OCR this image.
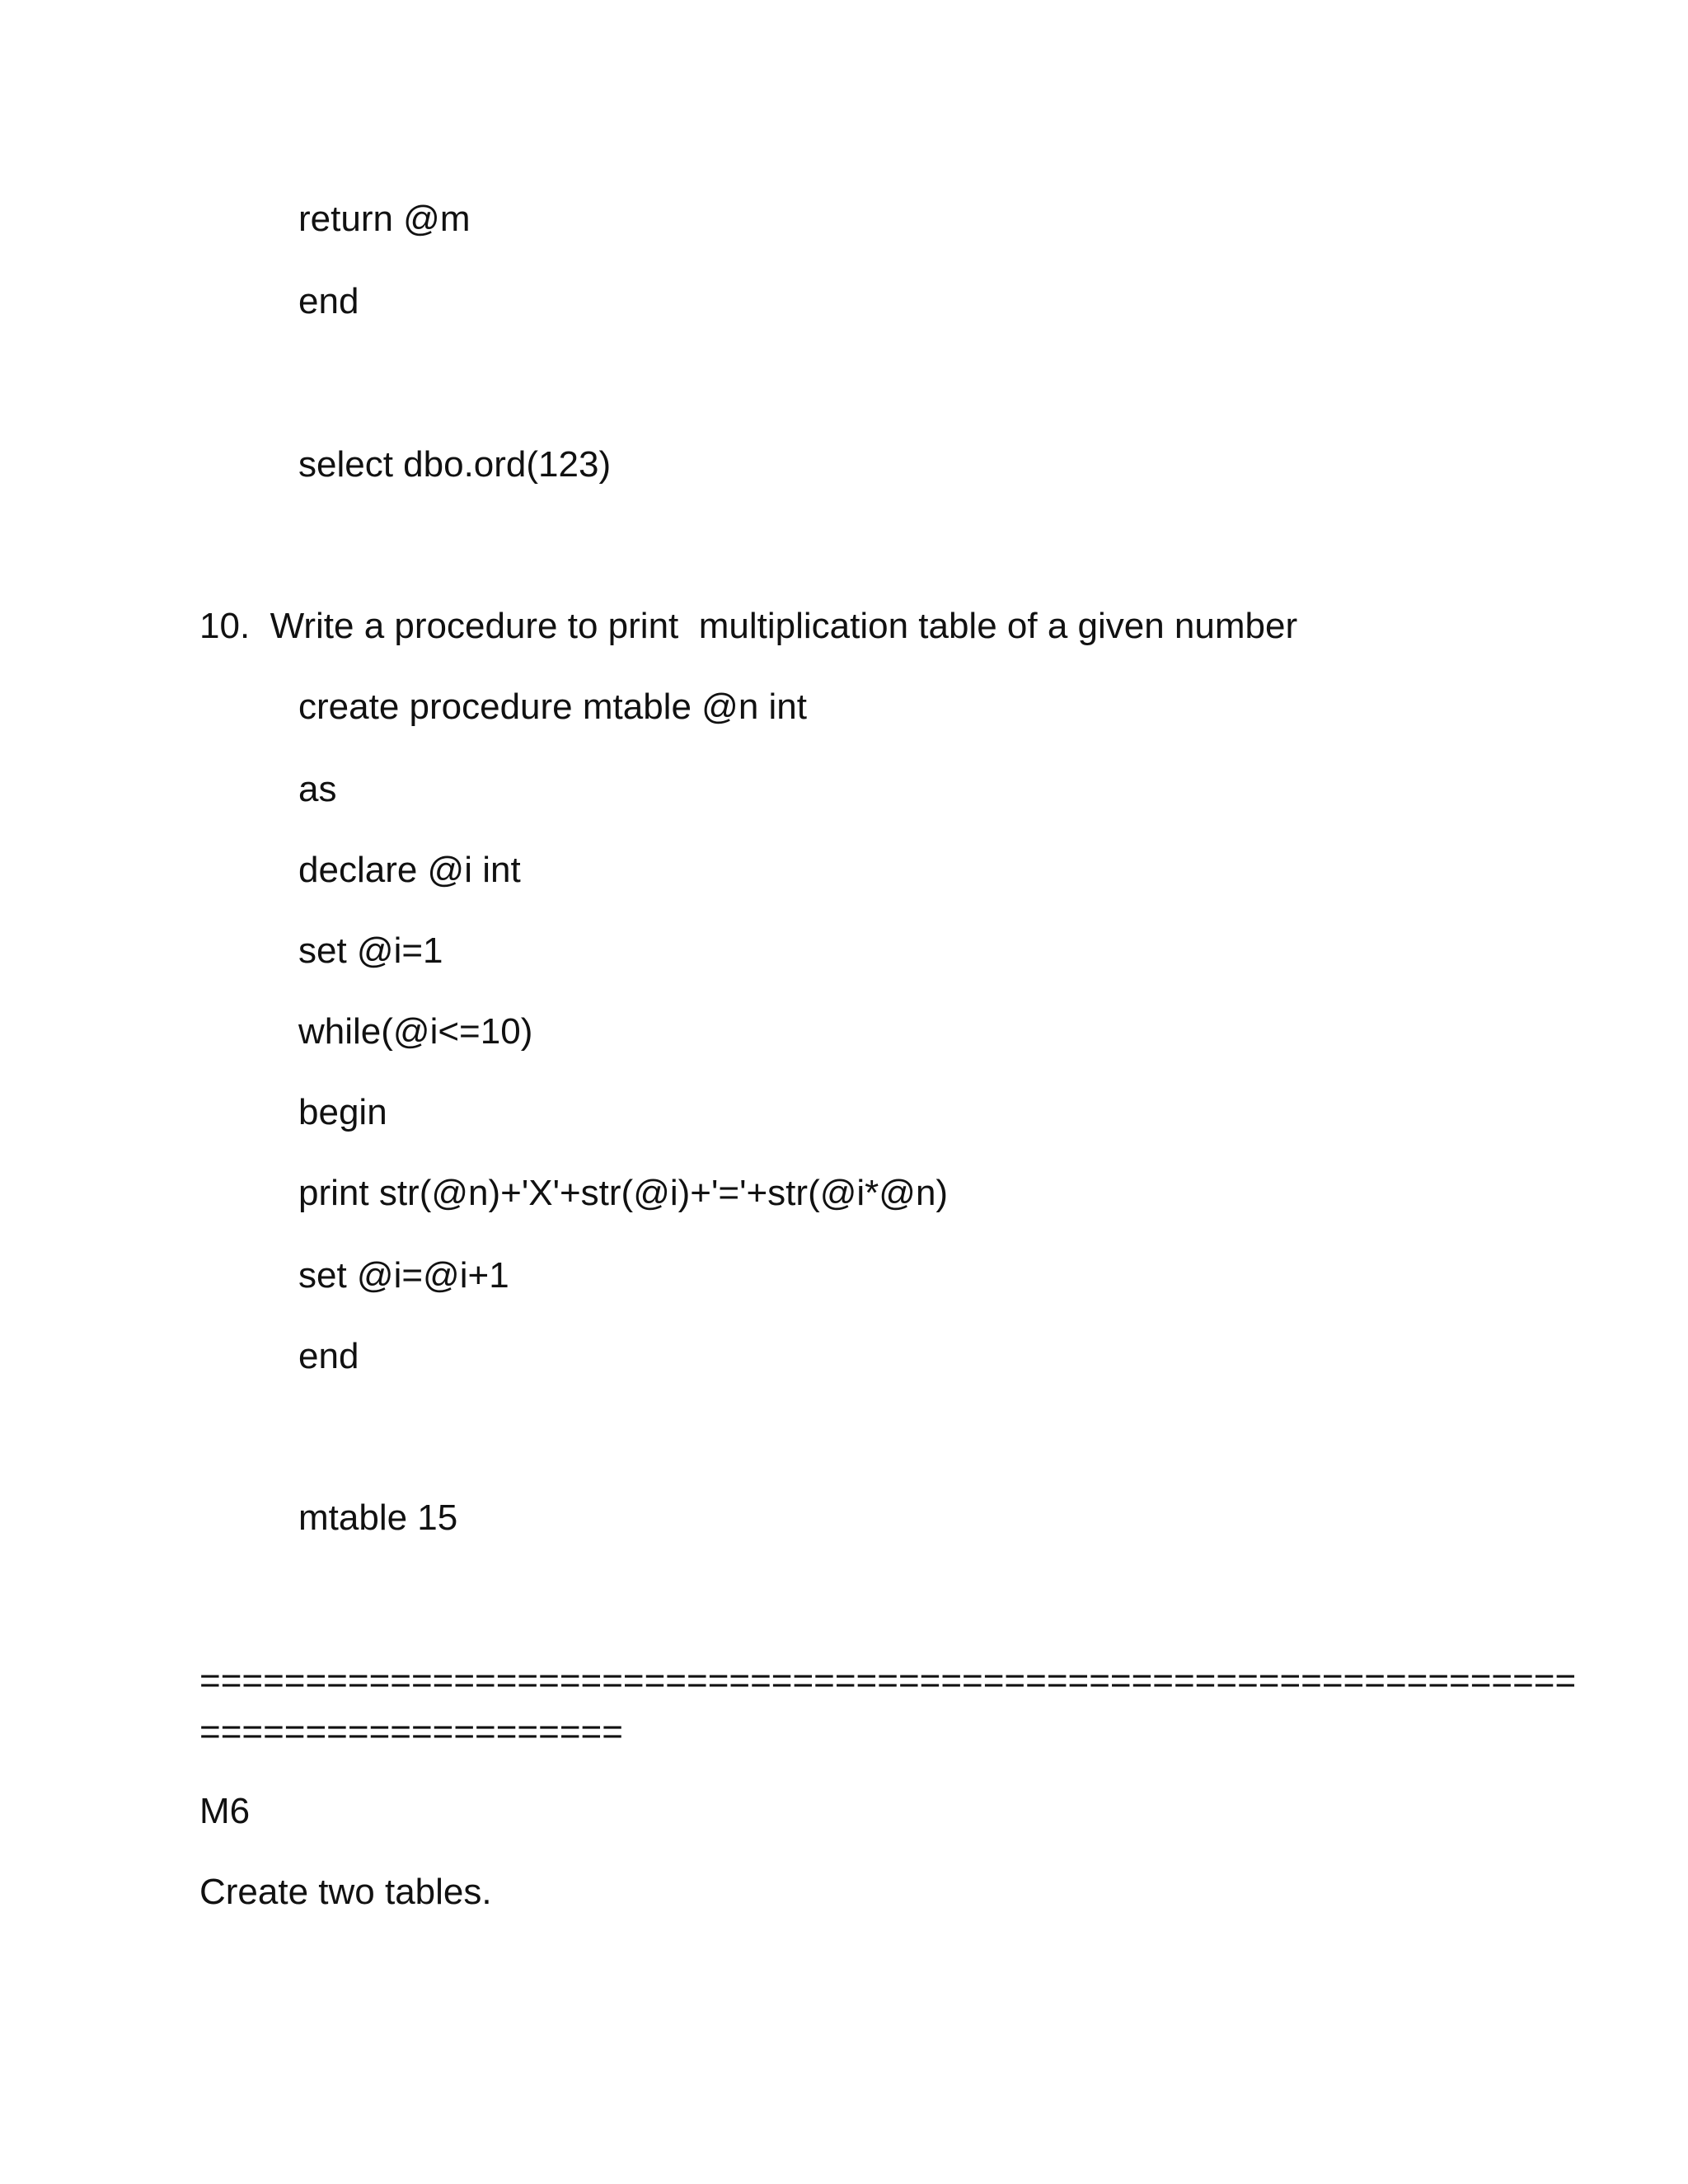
return @m

end

select dbo.ord(123)

10.  Write a procedure to print  multiplication table of a given number

create procedure mtable @n int

as

declare @i int

set @i=1

while(@i<=10)

begin

print str(@n)+'X'+str(@i)+'='+str(@i*@n)

set @i=@i+1

end

mtable 15

=================================================================

====================

M6

Create two tables.
